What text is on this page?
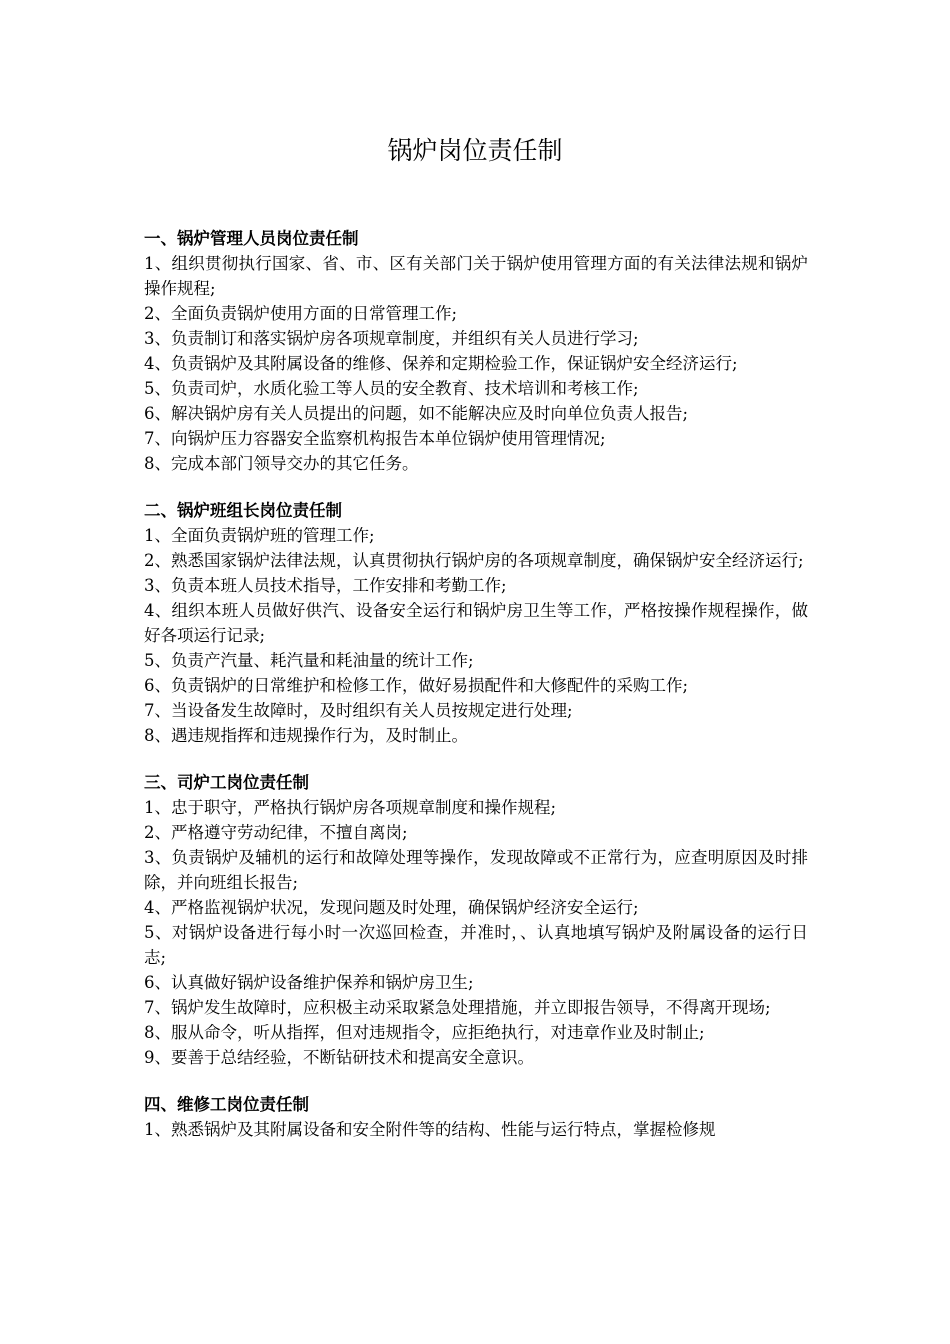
锅炉岗位责任制

一、锅炉管理人员岗位责任制

1、组织贯彻执行国家、省、市、区有关部门关于锅炉使用管理方面的有关法律法规和锅炉操作规程;

2、全面负责锅炉使用方面的日常管理工作;

3、负责制订和落实锅炉房各项规章制度，并组织有关人员进行学习;

4、负责锅炉及其附属设备的维修、保养和定期检验工作，保证锅炉安全经济运行;

5、负责司炉，水质化验工等人员的安全教育、技术培训和考核工作;

6、解决锅炉房有关人员提出的问题，如不能解决应及时向单位负责人报告;

7、向锅炉压力容器安全监察机构报告本单位锅炉使用管理情况;

8、完成本部门领导交办的其它任务。

二、锅炉班组长岗位责任制

1、全面负责锅炉班的管理工作;

2、熟悉国家锅炉法律法规，认真贯彻执行锅炉房的各项规章制度，确保锅炉安全经济运行;

3、负责本班人员技术指导，工作安排和考勤工作;

4、组织本班人员做好供汽、设备安全运行和锅炉房卫生等工作，严格按操作规程操作，做好各项运行记录;

5、负责产汽量、耗汽量和耗油量的统计工作;

6、负责锅炉的日常维护和检修工作，做好易损配件和大修配件的采购工作;

7、当设备发生故障时，及时组织有关人员按规定进行处理;

8、遇违规指挥和违规操作行为，及时制止。

三、司炉工岗位责任制

1、忠于职守，严格执行锅炉房各项规章制度和操作规程;

2、严格遵守劳动纪律，不擅自离岗;

3、负责锅炉及辅机的运行和故障处理等操作，发现故障或不正常行为，应查明原因及时排除，并向班组长报告;

4、严格监视锅炉状况，发现问题及时处理，确保锅炉经济安全运行;

5、对锅炉设备进行每小时一次巡回检查，并准时，、认真地填写锅炉及附属设备的运行日志;

6、认真做好锅炉设备维护保养和锅炉房卫生;

7、锅炉发生故障时，应积极主动采取紧急处理措施，并立即报告领导，不得离开现场;

8、服从命令，听从指挥，但对违规指令，应拒绝执行，对违章作业及时制止;

9、要善于总结经验，不断钻研技术和提高安全意识。

四、维修工岗位责任制

1、熟悉锅炉及其附属设备和安全附件等的结构、性能与运行特点，掌握检修规
